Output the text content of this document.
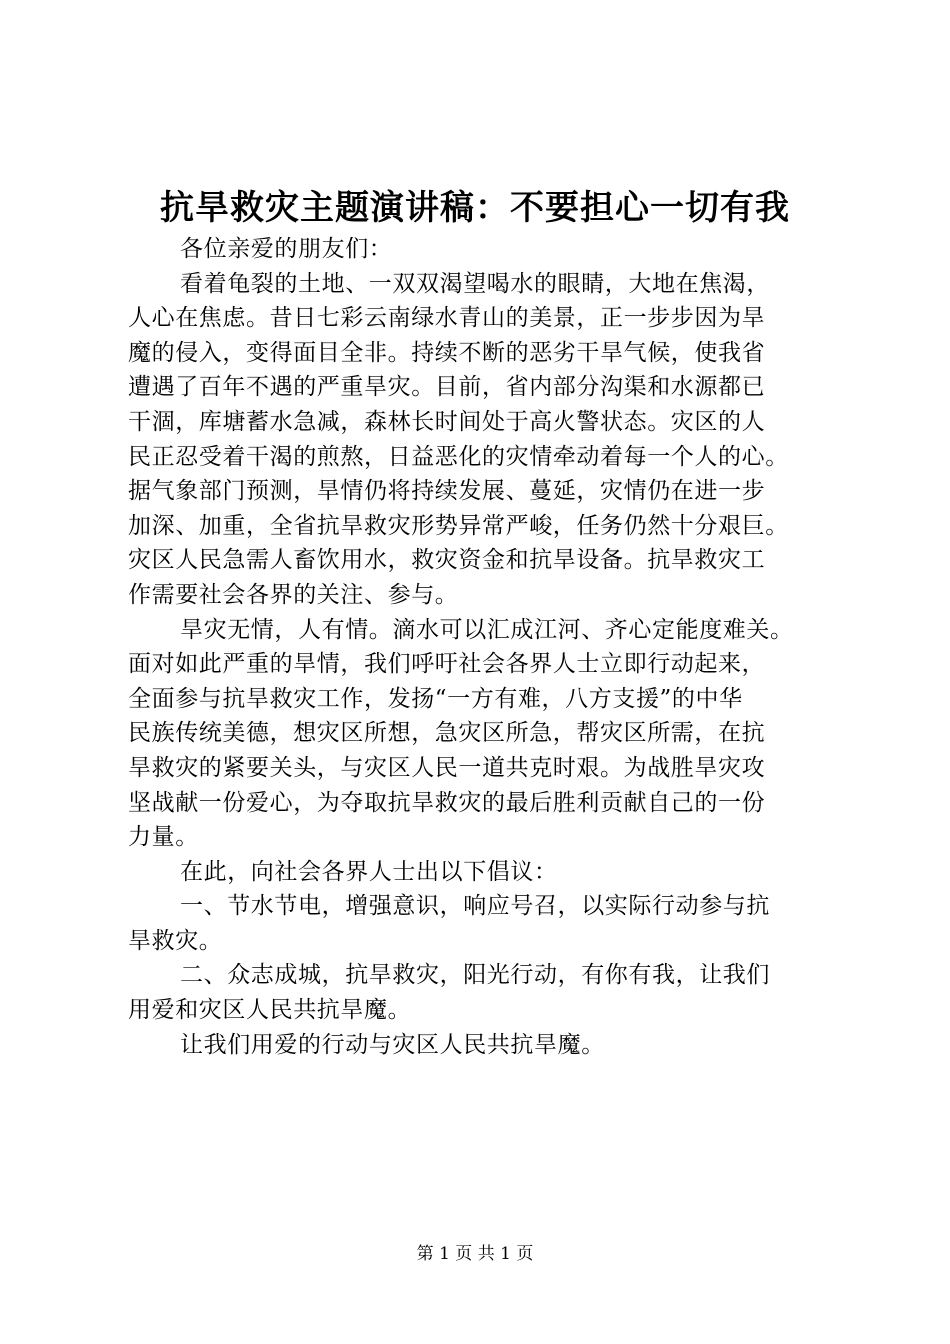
抗旱救灾主题演讲稿：不要担心一切有我
各位亲爱的朋友们：
看着龟裂的土地、一双双渴望喝水的眼睛，大地在焦渴，
人心在焦虑。昔日七彩云南绿水青山的美景，正一步步因为旱
魔的侵入，变得面目全非。持续不断的恶劣干旱气候，使我省
遭遇了百年不遇的严重旱灾。目前，省内部分沟渠和水源都已
干涸，库塘蓄水急减，森林长时间处于高火警状态。灾区的人
民正忍受着干渴的煎熬，日益恶化的灾情牵动着每一个人的心。
据气象部门预测，旱情仍将持续发展、蔓延，灾情仍在进一步
加深、加重，全省抗旱救灾形势异常严峻，任务仍然十分艰巨。
灾区人民急需人畜饮用水，救灾资金和抗旱设备。抗旱救灾工
作需要社会各界的关注、参与。
旱灾无情，人有情。滴水可以汇成江河、齐心定能度难关。
面对如此严重的旱情，我们呼吁社会各界人士立即行动起来，
全面参与抗旱救灾工作，发扬“一方有难，八方支援”的中华
民族传统美德，想灾区所想，急灾区所急，帮灾区所需，在抗
旱救灾的紧要关头，与灾区人民一道共克时艰。为战胜旱灾攻
坚战献一份爱心，为夺取抗旱救灾的最后胜利贡献自己的一份
力量。
在此，向社会各界人士出以下倡议：
一、节水节电，增强意识，响应号召，以实际行动参与抗
旱救灾。
二、众志成城，抗旱救灾，阳光行动，有你有我，让我们
用爱和灾区人民共抗旱魔。
让我们用爱的行动与灾区人民共抗旱魔。
第 1 页 共 1 页
